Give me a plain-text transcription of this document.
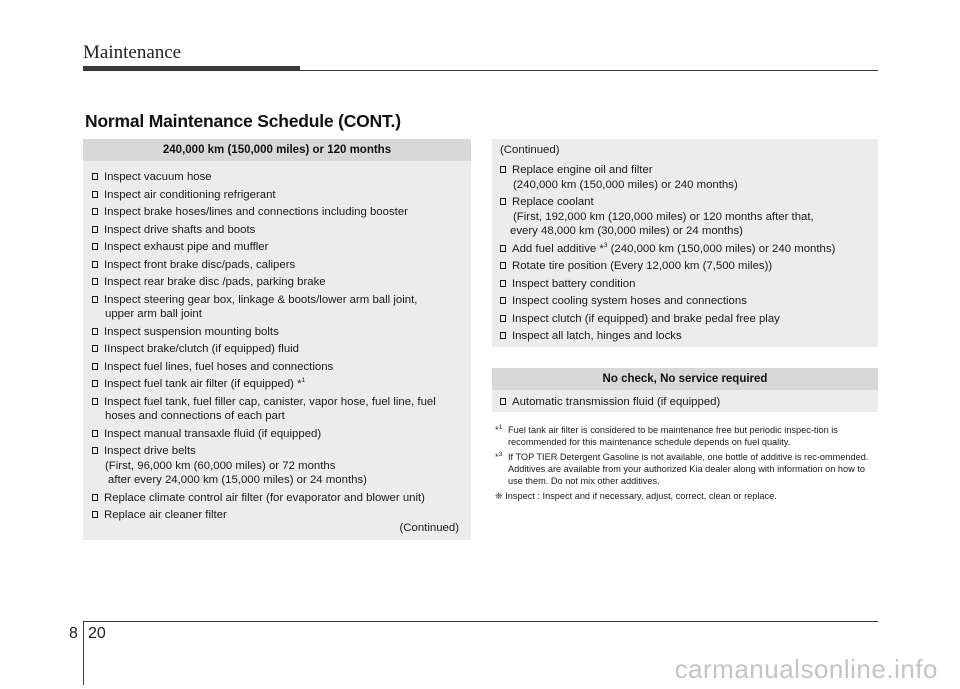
Maintenance
Normal Maintenance Schedule (CONT.)
240,000 km (150,000 miles) or 120 months
Inspect vacuum hose
Inspect air conditioning refrigerant
Inspect brake hoses/lines and connections including booster
Inspect drive shafts and boots
Inspect exhaust pipe and muffler
Inspect front brake disc/pads, calipers
Inspect rear brake disc /pads, parking brake
Inspect steering gear box, linkage & boots/lower arm ball joint,
upper arm ball joint
Inspect suspension mounting bolts
IInspect brake/clutch (if equipped) fluid
Inspect fuel lines, fuel hoses and connections
Inspect fuel tank air filter (if equipped) *$^1$
Inspect fuel tank, fuel filler cap, canister, vapor hose, fuel line, fuel
hoses and connections of each part
Inspect manual transaxle fluid (if equipped)
Inspect drive belts
(First, 96,000 km (60,000 miles) or 72 months
after every 24,000 km (15,000 miles) or 24 months)
Replace climate control air filter (for evaporator and blower unit)
Replace air cleaner filter
(Continued)
(Continued)
Replace engine oil and filter
(240,000 km (150,000 miles) or 240 months)
Replace coolant
(First, 192,000 km (120,000 miles) or 120 months after that,
every 48,000 km (30,000 miles) or 24 months)
Add fuel additive *$^3$ (240,000 km (150,000 miles) or 240 months)
Rotate tire position (Every 12,000 km (7,500 miles))
Inspect battery condition
Inspect cooling system hoses and connections
Inspect clutch (if equipped) and brake pedal free play
Inspect all latch, hinges and locks
No check, No service required
Automatic transmission fluid (if equipped)
*$^1$ Fuel tank air filter is considered to be maintenance free but periodic inspec-tion is recommended for this maintenance schedule depends on fuel quality.
*$^3$ If TOP TIER Detergent Gasoline is not available, one bottle of additive is rec-ommended. Additives are available from your authorized Kia dealer along with information on how to use them. Do not mix other additives.
❈ Inspect : Inspect and if necessary, adjust, correct, clean or replace.
8 20
carmanualsonline.info
